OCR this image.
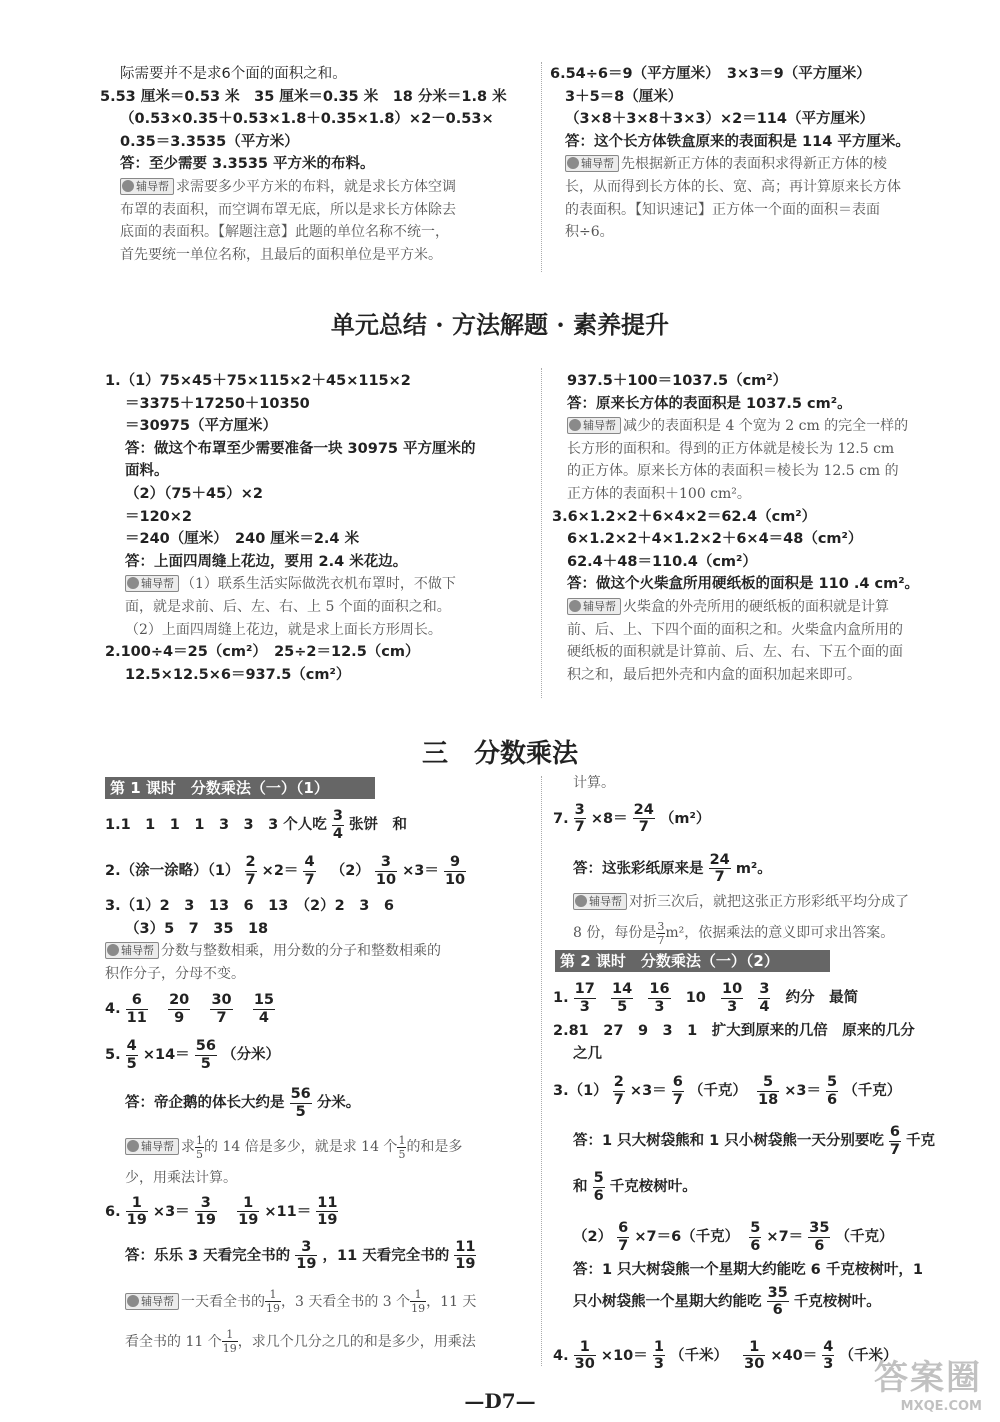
际需要并不是求6个面的面积之和。
5.53 厘米＝0.53 米　35 厘米＝0.35 米　18 分米＝1.8 米
（0.53×0.35＋0.53×1.8＋0.35×1.8）×2－0.53×
0.35＝3.3535（平方米）
答：至少需要 3.3535 平方米的布料。
辅导帮 求需要多少平方米的布料，就是求长方体空调
布罩的表面积，而空调布罩无底，所以是求长方体除去
底面的表面积。【解题注意】此题的单位名称不统一，
首先要统一单位名称，且最后的面积单位是平方米。
6.54÷6＝9（平方厘米）　3×3＝9（平方厘米）
3＋5＝8（厘米）
（3×8＋3×8＋3×3）×2＝114（平方厘米）
答：这个长方体铁盒原来的表面积是 114 平方厘米。
辅导帮 先根据新正方体的表面积求得新正方体的棱
长，从而得到长方体的长、宽、高；再计算原来长方体
的表面积。【知识速记】正方体一个面的面积＝表面
积÷6。
单元总结 · 方法解题 · 素养提升
1.（1）75×45＋75×115×2＋45×115×2
＝3375＋17250＋10350
＝30975（平方厘米）
答：做这个布罩至少需要准备一块 30975 平方厘米的
面料。
（2）（75＋45）×2
＝120×2
＝240（厘米）　240 厘米＝2.4 米
答：上面四周缝上花边，要用 2.4 米花边。
辅导帮 （1）联系生活实际做洗衣机布罩时，不做下
面，就是求前、后、左、右、上 5 个面的面积之和。
（2）上面四周缝上花边，就是求上面长方形周长。
2.100÷4＝25（cm²）　25÷2＝12.5（cm）
12.5×12.5×6＝937.5（cm²）
937.5＋100＝1037.5（cm²）
答：原来长方体的表面积是 1037.5 cm²。
辅导帮 减少的表面积是 4 个宽为 2 cm 的完全一样的
长方形的面积和。得到的正方体就是棱长为 12.5 cm
的正方体。原来长方体的表面积＝棱长为 12.5 cm 的
正方体的表面积＋100 cm²。
3.6×1.2×2＋6×4×2＝62.4（cm²）
6×1.2×2＋4×1.2×2＋6×4＝48（cm²）
62.4＋48＝110.4（cm²）
答：做这个火柴盒所用硬纸板的面积是 110 .4 cm²。
辅导帮 火柴盒的外壳所用的硬纸板的面积就是计算
前、后、上、下四个面的面积之和。火柴盒内盒所用的
硬纸板的面积就是计算前、后、左、右、下五个面的面
积之和，最后把外壳和内盒的面积加起来即可。
三　分数乘法
第 1 课时　分数乘法（一）（1）
1.1　1　1　1　3　3　3 个人吃 $\frac{3}{4}$ 张饼　和
2.（涂一涂略）$(1) \frac{2}{7} \times 2= \frac{4}{7} (2) \frac{3}{10} \times 3= \frac{9}{10}$
3.（1）2　3　13　6　13　（2）2　3　6
（3）5　7　35　18
辅导帮 分数与整数相乘，用分数的分子和整数相乘的
积作分子，分母不变。
4. $\frac{6}{11}$
$\frac{20}{9}$
$\frac{30}{7}$
$\frac{15}{4}$
5. $\frac{4}{5} \times 14= \frac{56}{5}$ （分米）
答：帝企鹅的体长大约是 $\frac{56}{5}$ 分米。
辅导帮 求 $\frac{1}{5}$ 的 14 倍是多少，就是求 14 个 $\frac{1}{5}$ 的和是多
少，用乘法计算。
6. $\frac{1}{19} \times 3= \frac{3}{19}$
$\frac{1}{19} \times 11= \frac{11}{19}$
答：乐乐 3 天看完全书的 $\frac{3}{19}$ ，11 天看完全书的 $\frac{11}{19}$
辅导帮 一天看全书的 $\frac{1}{19}$ ，3 天看全书的 3 个 $\frac{1}{19}$ ，11 天
看全书的 11 个 $\frac{1}{19}$ ，求几个几分之几的和是多少，用乘法
计算。
7. $\frac{3}{7} \times 8= \frac{24}{7} (m^2)$
答：这张彩纸原来是 $\frac{24}{7} m^2$。
辅导帮 对折三次后，就把这张正方形彩纸平均分成了
8 份，每份是 $\frac{3}{7} m^2$，依据乘法的意义即可求出答案。
第 2 课时　分数乘法（一）（2）
1. $\frac{17}{3}$
$\frac{14}{5}$
$\frac{16}{3} 10 \frac{10}{3}$
$\frac{3}{4}$ 约分　最简
2.81　27　9　3　1　扩大到原来的几倍　原来的几分
之几
$3.(1) \frac{2}{7} \times 3= \frac{6}{7}$ （千克） $\frac{5}{18} \times 3= \frac{5}{6}$ （千克）
答：1 只大树袋熊和 1 只小树袋熊一天分别要吃 $\frac{6}{7}$ 千克
和 $\frac{5}{6}$ 千克桉树叶。
$(2) \frac{6}{7} \times 7=6$（千克） $\frac{5}{6} \times 7= \frac{35}{6}$ （千克）
答：1 只大树袋熊一个星期大约能吃 6 千克桉树叶，1
只小树袋熊一个星期大约能吃 $\frac{35}{6}$ 千克桉树叶。
4. $\frac{1}{30} \times 10= \frac{1}{3}$ （千米） $\frac{1}{30} \times 40= \frac{4}{3}$ （千米）
—D7—
答案圈
MXQE.COM
